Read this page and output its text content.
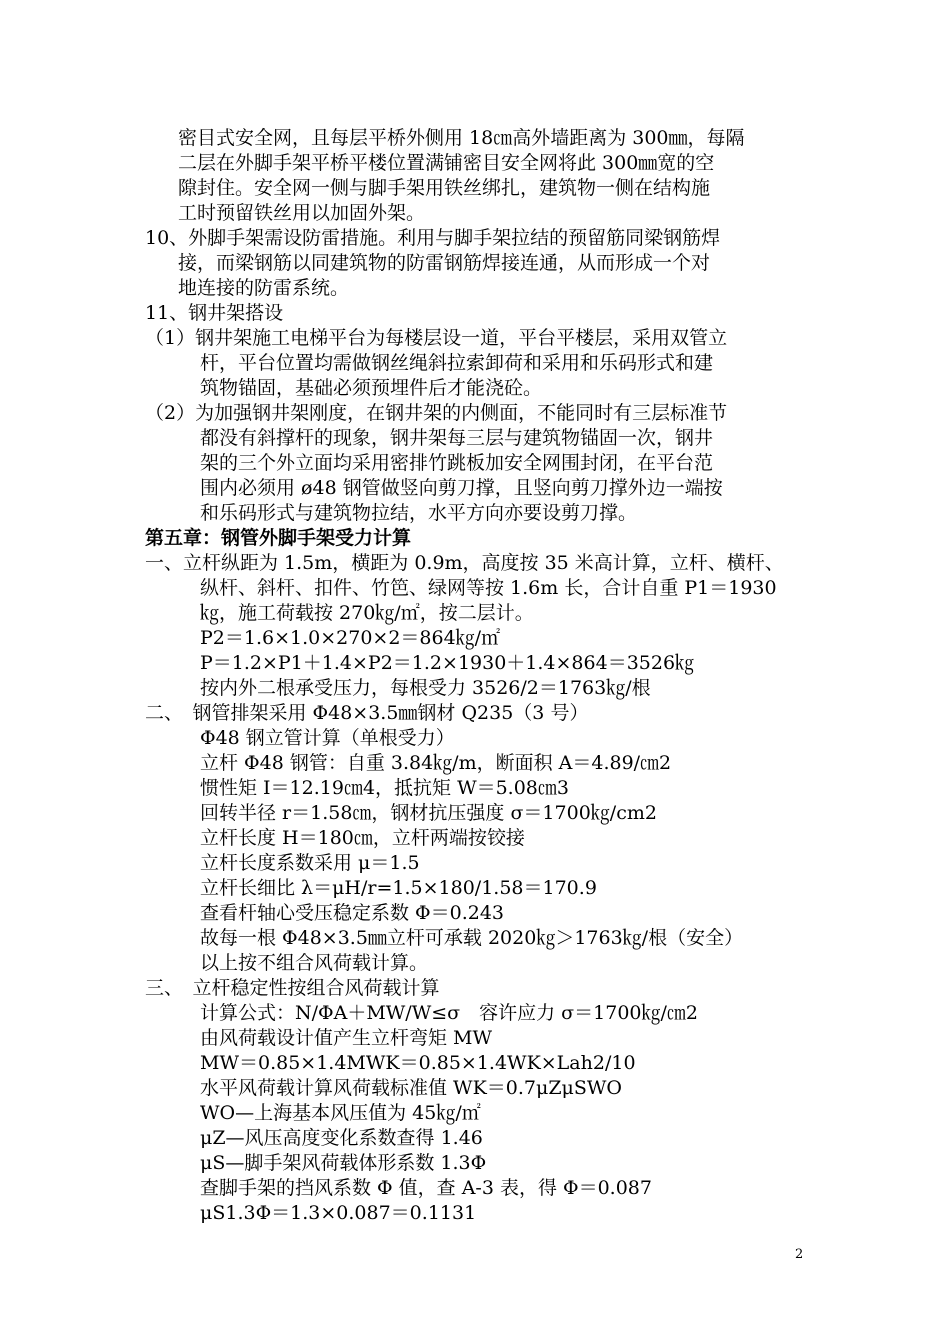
密目式安全网，且每层平桥外侧用 18㎝高外墙距离为 300㎜，每隔
二层在外脚手架平桥平楼位置满铺密目安全网将此 300㎜宽的空
隙封住。安全网一侧与脚手架用铁丝绑扎，建筑物一侧在结构施
工时预留铁丝用以加固外架。
10、外脚手架需设防雷措施。利用与脚手架拉结的预留筋同梁钢筋焊
接，而梁钢筋以同建筑物的防雷钢筋焊接连通，从而形成一个对
地连接的防雷系统。
11、钢井架搭设
（1）钢井架施工电梯平台为每楼层设一道，平台平楼层，采用双管立
杆，平台位置均需做钢丝绳斜拉索卸荷和采用和乐码形式和建
筑物锚固，基础必须预埋件后才能浇砼。
（2）为加强钢井架刚度，在钢井架的内侧面，不能同时有三层标准节
都没有斜撑杆的现象，钢井架每三层与建筑物锚固一次，钢井
架的三个外立面均采用密排竹跳板加安全网围封闭，在平台范
围内必须用 ø48 钢管做竖向剪刀撑，且竖向剪刀撑外边一端按
和乐码形式与建筑物拉结，水平方向亦要设剪刀撑。
第五章：钢管外脚手架受力计算
一、立杆纵距为 1.5m，横距为 0.9m，高度按 35 米高计算，立杆、横杆、
纵杆、斜杆、扣件、竹笆、绿网等按 1.6m 长，合计自重 P1＝1930
㎏，施工荷载按 270㎏/㎡，按二层计。
P2＝1.6×1.0×270×2＝864㎏/㎡
P＝1.2×P1＋1.4×P2＝1.2×1930＋1.4×864＝3526㎏
按内外二根承受压力，每根受力 3526/2＝1763㎏/根
二、　钢管排架采用 Φ48×3.5㎜钢材 Q235（3 号）
Φ48 钢立管计算（单根受力）
立杆 Φ48 钢管：自重 3.84㎏/m，断面积 A＝4.89/㎝2
惯性矩 I＝12.19㎝4，抵抗矩 W＝5.08㎝3
回转半径 r＝1.58㎝，钢材抗压强度 σ＝1700㎏/cm2
立杆长度 H＝180㎝，立杆两端按铰接
立杆长度系数采用 μ＝1.5
立杆长细比 λ＝μH/r=1.5×180/1.58＝170.9
查看杆轴心受压稳定系数 Φ＝0.243
故每一根 Φ48×3.5㎜立杆可承载 2020㎏＞1763㎏/根（安全）
以上按不组合风荷载计算。
三、　立杆稳定性按组合风荷载计算
计算公式：N/ΦA＋MW/W≤σ　容许应力 σ＝1700㎏/㎝2
由风荷载设计值产生立杆弯矩 MW
MW＝0.85×1.4MWK＝0.85×1.4WK×Lah2/10
水平风荷载计算风荷载标准值 WK＝0.7μZμSWO
WO—上海基本风压值为 45㎏/㎡
μZ—风压高度变化系数查得 1.46
μS—脚手架风荷载体形系数 1.3Φ
查脚手架的挡风系数 Φ 值，查 A-3 表，得 Φ＝0.087
μS1.3Φ＝1.3×0.087＝0.1131
2
